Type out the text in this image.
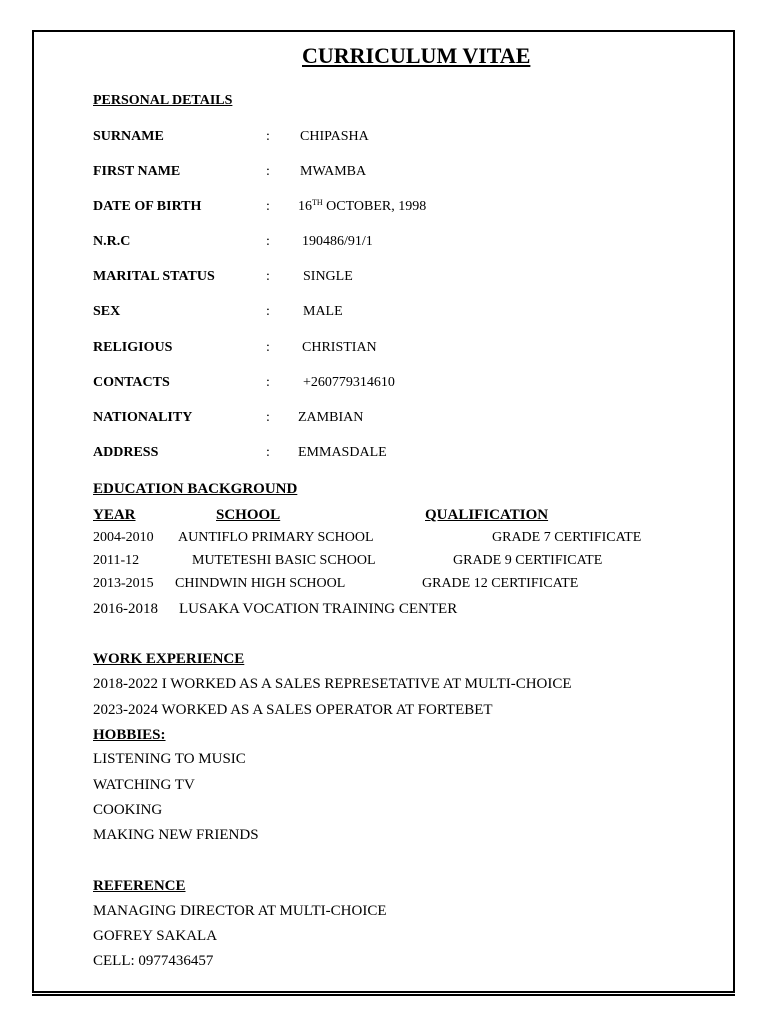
CURRICULUM VITAE
PERSONAL DETAILS
SURNAME	: CHIPASHA
FIRST NAME	: MWAMBA
DATE OF BIRTH	: 16TH OCTOBER, 1998
N.R.C	: 190486/91/1
MARITAL STATUS	: SINGLE
SEX	: MALE
RELIGIOUS	: CHRISTIAN
CONTACTS	: +260779314610
NATIONALITY	: ZAMBIAN
ADDRESS	: EMMASDALE
EDUCATION BACKGROUND
YEAR	SCHOOL	QUALIFICATION
2004-2010 AUNTIFLO PRIMARY SCHOOL	GRADE 7 CERTIFICATE
2011-12	MUTETESHI BASIC SCHOOL	GRADE 9 CERTIFICATE
2013-2015 CHINDWIN HIGH SCHOOL	GRADE 12 CERTIFICATE
2016-2018 LUSAKA VOCATION TRAINING CENTER
WORK EXPERIENCE
2018-2022 I WORKED AS A SALES REPRESETATIVE AT MULTI-CHOICE
2023-2024 WORKED AS A SALES OPERATOR AT FORTEBET
HOBBIES:
LISTENING TO MUSIC
WATCHING TV
COOKING
MAKING NEW FRIENDS
REFERENCE
MANAGING DIRECTOR AT MULTI-CHOICE
GOFREY SAKALA
CELL: 0977436457
